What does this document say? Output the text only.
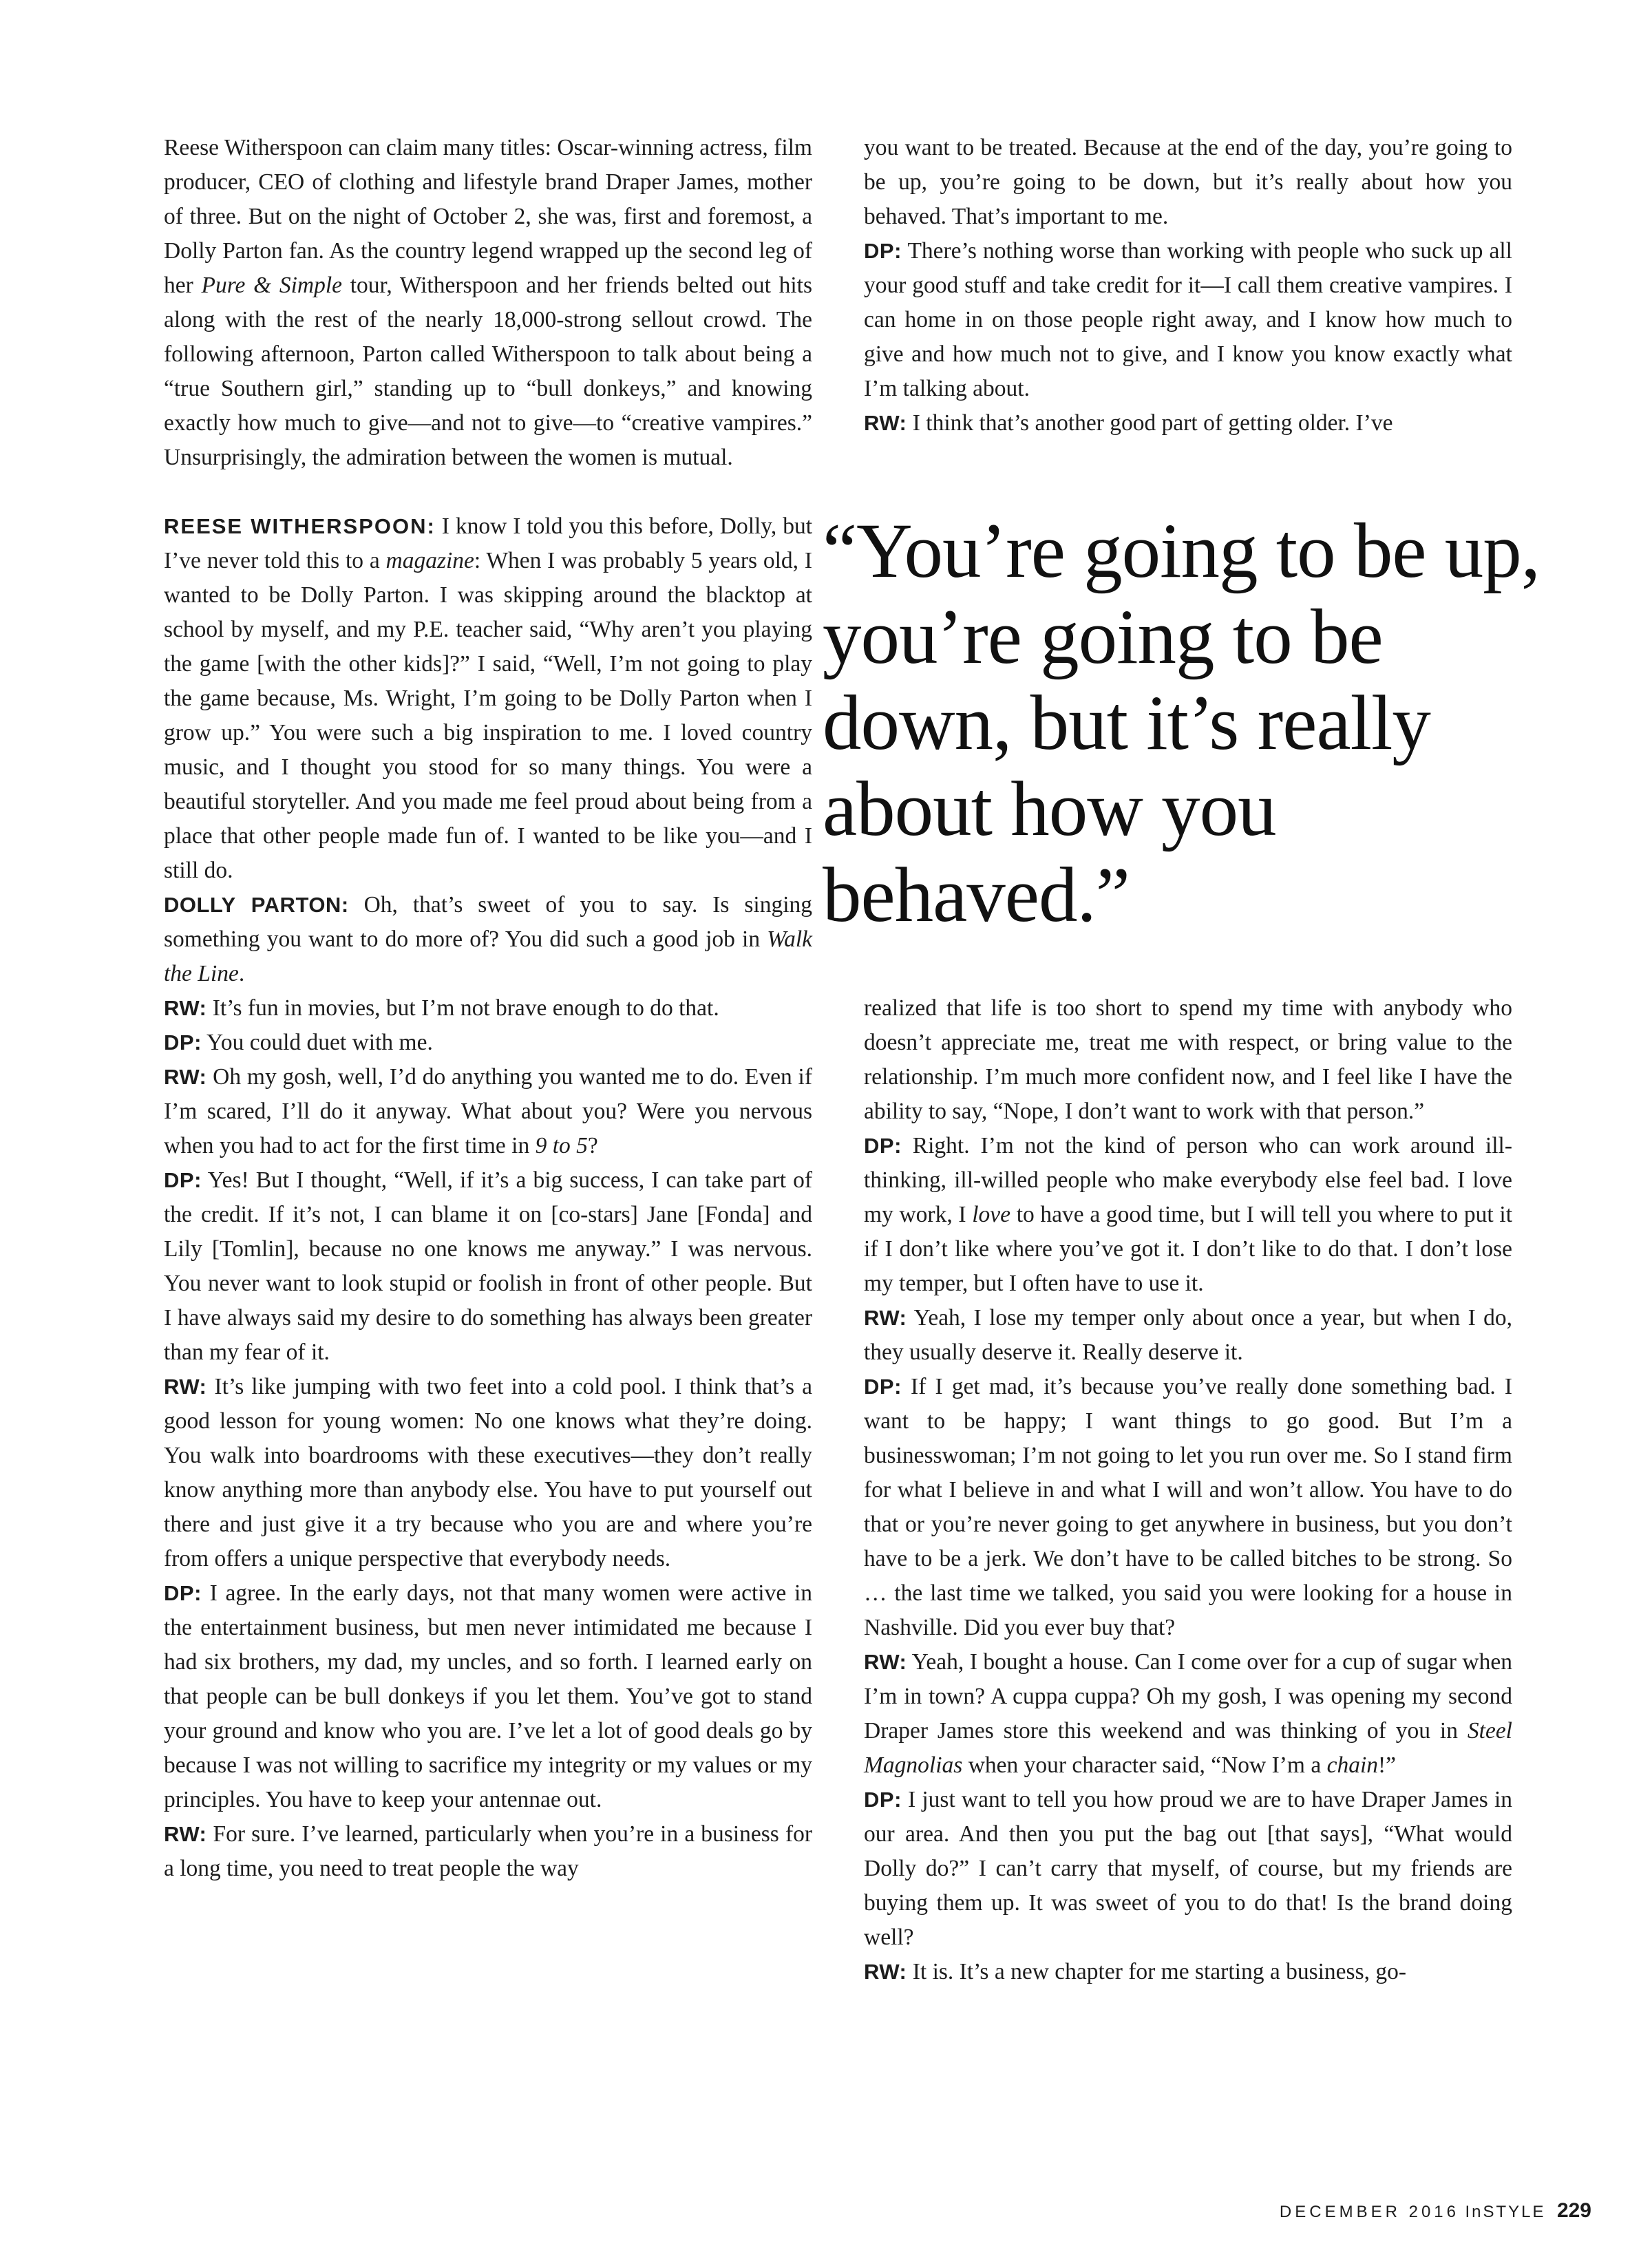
Reese Witherspoon can claim many titles: Oscar-winning actress, film producer, CEO of clothing and lifestyle brand Draper James, mother of three. But on the night of October 2, she was, first and foremost, a Dolly Parton fan. As the country legend wrapped up the second leg of her Pure & Simple tour, Witherspoon and her friends belted out hits along with the rest of the nearly 18,000-strong sellout crowd. The following afternoon, Parton called Witherspoon to talk about being a “true Southern girl,” standing up to “bull donkeys,” and knowing exactly how much to give—and not to give—to “creative vampires.” Unsurprisingly, the admiration between the women is mutual.

REESE WITHERSPOON: I know I told you this before, Dolly, but I’ve never told this to a magazine: When I was probably 5 years old, I wanted to be Dolly Parton. I was skipping around the blacktop at school by myself, and my P.E. teacher said, “Why aren’t you playing the game [with the other kids]?” I said, “Well, I’m not going to play the game because, Ms. Wright, I’m going to be Dolly Parton when I grow up.” You were such a big inspiration to me. I loved country music, and I thought you stood for so many things. You were a beautiful storyteller. And you made me feel proud about being from a place that other people made fun of. I wanted to be like you—and I still do.

DOLLY PARTON: Oh, that’s sweet of you to say. Is singing something you want to do more of? You did such a good job in Walk the Line.

RW: It’s fun in movies, but I’m not brave enough to do that.

DP: You could duet with me.

RW: Oh my gosh, well, I’d do anything you wanted me to do. Even if I’m scared, I’ll do it anyway. What about you? Were you nervous when you had to act for the first time in 9 to 5?

DP: Yes! But I thought, “Well, if it’s a big success, I can take part of the credit. If it’s not, I can blame it on [co-stars] Jane [Fonda] and Lily [Tomlin], because no one knows me anyway.” I was nervous. You never want to look stupid or foolish in front of other people. But I have always said my desire to do something has always been greater than my fear of it.

RW: It’s like jumping with two feet into a cold pool. I think that’s a good lesson for young women: No one knows what they’re doing. You walk into boardrooms with these executives—they don’t really know anything more than anybody else. You have to put yourself out there and just give it a try because who you are and where you’re from offers a unique perspective that everybody needs.

DP: I agree. In the early days, not that many women were active in the entertainment business, but men never intimidated me because I had six brothers, my dad, my uncles, and so forth. I learned early on that people can be bull donkeys if you let them. You’ve got to stand your ground and know who you are. I’ve let a lot of good deals go by because I was not willing to sacrifice my integrity or my values or my principles. You have to keep your antennae out.

RW: For sure. I’ve learned, particularly when you’re in a business for a long time, you need to treat people the way

you want to be treated. Because at the end of the day, you’re going to be up, you’re going to be down, but it’s really about how you behaved. That’s important to me.

DP: There’s nothing worse than working with people who suck up all your good stuff and take credit for it—I call them creative vampires. I can home in on those people right away, and I know how much to give and how much not to give, and I know you know exactly what I’m talking about.

RW: I think that’s another good part of getting older. I’ve

“You’re going to be up, you’re going to be down, but it’s really about how you behaved.”

realized that life is too short to spend my time with anybody who doesn’t appreciate me, treat me with respect, or bring value to the relationship. I’m much more confident now, and I feel like I have the ability to say, “Nope, I don’t want to work with that person.”

DP: Right. I’m not the kind of person who can work around ill-thinking, ill-willed people who make everybody else feel bad. I love my work, I love to have a good time, but I will tell you where to put it if I don’t like where you’ve got it. I don’t like to do that. I don’t lose my temper, but I often have to use it.

RW: Yeah, I lose my temper only about once a year, but when I do, they usually deserve it. Really deserve it.

DP: If I get mad, it’s because you’ve really done something bad. I want to be happy; I want things to go good. But I’m a businesswoman; I’m not going to let you run over me. So I stand firm for what I believe in and what I will and won’t allow. You have to do that or you’re never going to get anywhere in business, but you don’t have to be a jerk. We don’t have to be called bitches to be strong. So … the last time we talked, you said you were looking for a house in Nashville. Did you ever buy that?

RW: Yeah, I bought a house. Can I come over for a cup of sugar when I’m in town? A cuppa cuppa? Oh my gosh, I was opening my second Draper James store this weekend and was thinking of you in Steel Magnolias when your character said, “Now I’m a chain!”

DP: I just want to tell you how proud we are to have Draper James in our area. And then you put the bag out [that says], “What would Dolly do?” I can’t carry that myself, of course, but my friends are buying them up. It was sweet of you to do that! Is the brand doing well?

RW: It is. It’s a new chapter for me starting a business, go-

DECEMBER 2016 InSTYLE 229
